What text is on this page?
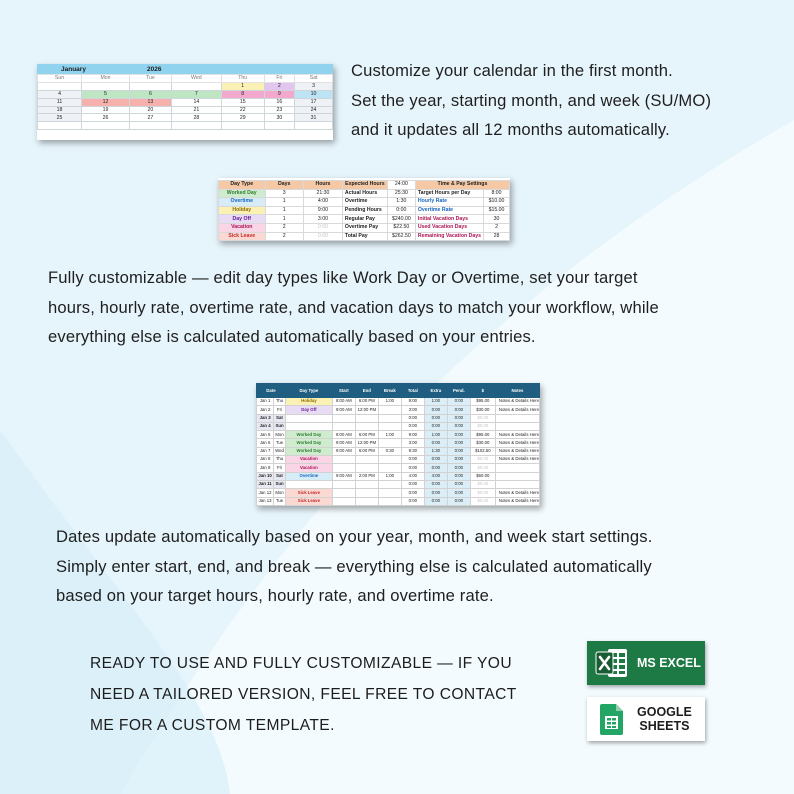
Customize your calendar in the first month.
Set the year, starting month, and week (SU/MO)
and it updates all 12 months automatically.
January	2026
Sun	Mon	Tue	Wed	Thu	Fri	Sat
				1	2	3
4	5	6	7	8	9	10
11	12	13	14	15	16	17
18	19	20	21	22	23	24
25	26	27	28	29	30	31

Day Type	Days	Hours	Expected Hours	24:00	Time & Pay Settings	
Worked Day	3	21:30	Actual Hours	25:30	Target Hours per Day	8:00
Overtime	1	4:00	Overtime	1:30	Hourly Rate	$10.00
Holiday	1	9:00	Pending Hours	0:00	Overtime Rate	$15.00
Day Off	1	3:00	Regular Pay	$240.00	Initial Vacation Days	30
Vacation	2	0:00	Overtime Pay	$22.50	Used Vacation Days	2
Sick Leave	2	0:00	Total Pay	$262.50	Remaining Vacation Days	28
Fully customizable — edit day types like Work Day or Overtime, set your target
hours, hourly rate, overtime rate, and vacation days to match your workflow, while
everything else is calculated automatically based on your entries.
Date		Day Type	Start	End	Break	Total	Extra	Pend.	$	Notes
Jan 1	Thu	Holiday	8:00 AM	6:00 PM	1:00	9:00	1:00	0:00	$95.00	Notes & Details Here
Jan 2	Fri	Day Off	9:00 AM	12:00 PM		3:00	0:00	0:00	$30.00	Notes & Details Here
Jan 3	Sat					0:00	0:00	0:00	$0.00	
Jan 4	Sun					0:00	0:00	0:00	$0.00	
Jan 5	Mon	Worked Day	8:00 AM	6:00 PM	1:00	9:00	1:00	0:00	$95.00	Notes & Details Here
Jan 6	Tue	Worked Day	9:00 AM	12:00 PM		3:00	0:00	0:00	$30.00	Notes & Details Here
Jan 7	Wed	Worked Day	9:00 AM	6:00 PM	0:30	9:30	1:30	0:00	$102.50	Notes & Details Here
Jan 8	Thu	Vacation				0:00	0:00	0:00	$0.00	Notes & Details Here
Jan 9	Fri	Vacation				0:00	0:00	0:00	$0.00	
Jan 10	Sat	Overtime	9:00 AM	2:00 PM	1:00	4:00	4:00	0:00	$60.00	
Jan 11	Sun					0:00	0:00	0:00	$0.00	
Jan 12	Mon	Sick Leave				0:00	0:00	0:00	$0.00	Notes & Details Here
Jan 13	Tue	Sick Leave				0:00	0:00	0:00	$0.00	Notes & Details Here
Dates update automatically based on your year, month, and week start settings.
Simply enter start, end, and break — everything else is calculated automatically
based on your target hours, hourly rate, and overtime rate.
READY TO USE AND FULLY CUSTOMIZABLE — IF YOU
NEED A TAILORED VERSION, FEEL FREE TO CONTACT
ME FOR A CUSTOM TEMPLATE.
MS EXCEL
GOOGLE
SHEETS
